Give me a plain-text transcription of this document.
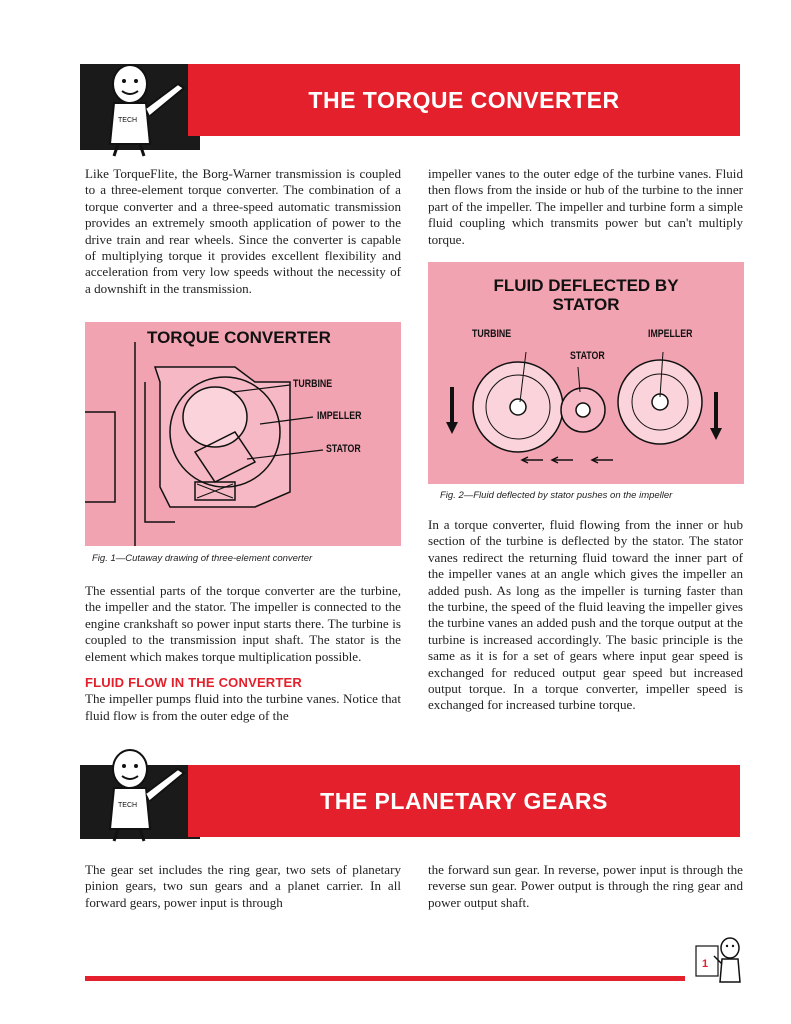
TECH
THE TORQUE CONVERTER

Like TorqueFlite, the Borg-Warner transmission is coupled to a three-element torque converter. The combination of a torque converter and a three-speed automatic transmission provides an extremely smooth application of power to the drive train and rear wheels. Since the converter is capable of multiplying torque it provides excellent flexibility and acceleration from very low speeds without the necessity of a downshift in the transmission.

TORQUE CONVERTER
TURBINE
IMPELLER
STATOR
Fig. 1—Cutaway drawing of three-element converter

The essential parts of the torque converter are the turbine, the impeller and the stator. The impeller is connected to the engine crankshaft so power input starts there. The turbine is coupled to the transmission input shaft. The stator is the element which makes torque multiplication possible.

FLUID FLOW IN THE CONVERTER

The impeller pumps fluid into the turbine vanes. Notice that fluid flow is from the outer edge of the

impeller vanes to the outer edge of the turbine vanes. Fluid then flows from the inside or hub of the turbine to the inner part of the impeller. The impeller and turbine form a simple fluid coupling which transmits power but can't multiply torque.

FLUID DEFLECTED BY
STATOR
TURBINE
STATOR
IMPELLER
Fig. 2—Fluid deflected by stator pushes on the impeller

In a torque converter, fluid flowing from the inner or hub section of the turbine is deflected by the stator. The stator vanes redirect the returning fluid toward the inner part of the impeller vanes at an angle which gives the impeller an added push. As long as the impeller is turning faster than the turbine, the speed of the fluid leaving the impeller gives the turbine vanes an added push and the torque output at the turbine is increased accordingly. The basic principle is the same as it is for a set of gears where input gear speed is exchanged for reduced output gear speed but increased output torque. In a torque converter, impeller speed is exchanged for increased turbine torque.

TECH	THE PLANETARY GEARS

The gear set includes the ring gear, two sets of planetary pinion gears, two sun gears and a planet carrier. In all forward gears, power input is through

the forward sun gear. In reverse, power input is through the reverse sun gear. Power output is through the ring gear and power output shaft.

1
